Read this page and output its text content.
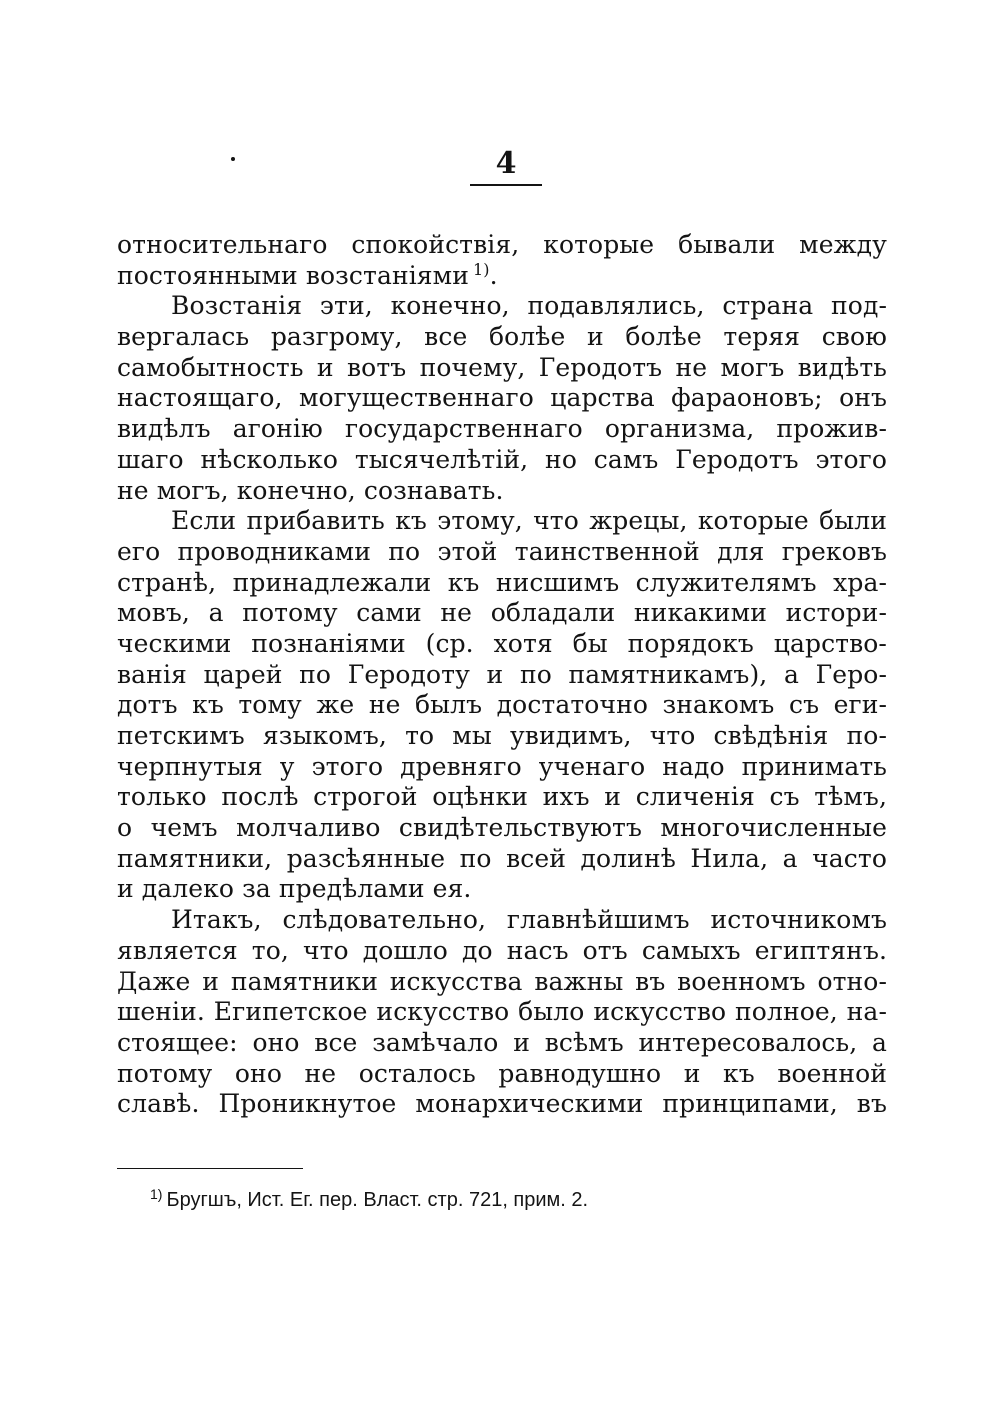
4
относительнаго спокойствія, которые бывали между
постоянными возстаніями $^{1)}$.
Возстанія эти, конечно, подавлялись, страна под-
вергалась разгрому, все болѣе и болѣе теряя свою
самобытность и вотъ почему, Геродотъ не могъ видѣть
настоящаго, могущественнаго царства фараоновъ; онъ
видѣлъ агонію государственнаго организма, прожив-
шаго нѣсколько тысячелѣтій, но самъ Геродотъ этого
не могъ, конечно, сознавать.
Если прибавить къ этому, что жрецы, которые были
его проводниками по этой таинственной для грековъ
странѣ, принадлежали къ нисшимъ служителямъ хра-
мовъ, а потому сами не обладали никакими истори-
ческими познаніями (ср. хотя бы порядокъ царство-
ванія царей по Геродоту и по памятникамъ), а Геро-
дотъ къ тому же не былъ достаточно знакомъ съ еги-
петскимъ языкомъ, то мы увидимъ, что свѣдѣнія по-
черпнутыя у этого древняго ученаго надо принимать
только послѣ строгой оцѣнки ихъ и сличенія съ тѣмъ,
о чемъ молчаливо свидѣтельствуютъ многочисленные
памятники, разсѣянные по всей долинѣ Нила, а часто
и далеко за предѣлами ея.
Итакъ, слѣдовательно, главнѣйшимъ источникомъ
является то, что дошло до насъ отъ самыхъ египтянъ.
Даже и памятники искусства важны въ военномъ отно-
шеніи. Египетское искусство было искусство полное, на-
стоящее: оно все замѣчало и всѣмъ интересовалось, а
потому оно не осталось равнодушно и къ военной
славѣ. Проникнутое монархическими принципами, въ
$^{1)}$ Бругшъ, Ист. Ег. пер. Власт. стр. 721, прим. 2.
